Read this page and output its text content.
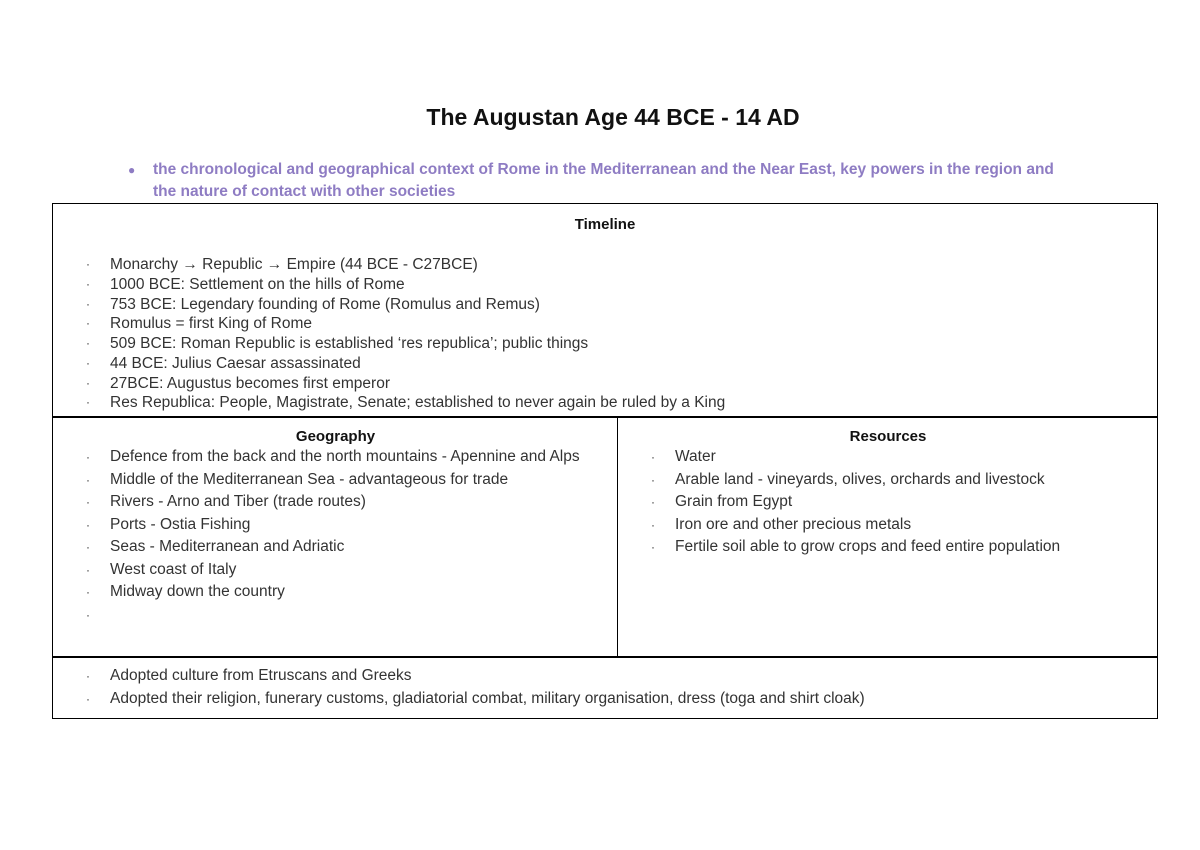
The Augustan Age 44 BCE - 14 AD
● the chronological and geographical context of Rome in the Mediterranean and the Near East, key powers in the region and the nature of contact with other societies
Timeline
· Monarchy → Republic → Empire (44 BCE - C27BCE)
· 1000 BCE: Settlement on the hills of Rome
· 753 BCE: Legendary founding of Rome (Romulus and Remus)
· Romulus = first King of Rome
· 509 BCE: Roman Republic is established ‘res republica’; public things
· 44 BCE: Julius Caesar assassinated
· 27BCE: Augustus becomes first emperor
· Res Republica: People, Magistrate, Senate; established to never again be ruled by a King
Geography
· Defence from the back and the north mountains - Apennine and Alps
· Middle of the Mediterranean Sea - advantageous for trade
· Rivers - Arno and Tiber (trade routes)
· Ports - Ostia Fishing
· Seas - Mediterranean and Adriatic
· West coast of Italy
· Midway down the country
·
Resources
· Water
· Arable land - vineyards, olives, orchards and livestock
· Grain from Egypt
· Iron ore and other precious metals
· Fertile soil able to grow crops and feed entire population
· Adopted culture from Etruscans and Greeks
· Adopted their religion, funerary customs, gladiatorial combat, military organisation, dress (toga and shirt cloak)
